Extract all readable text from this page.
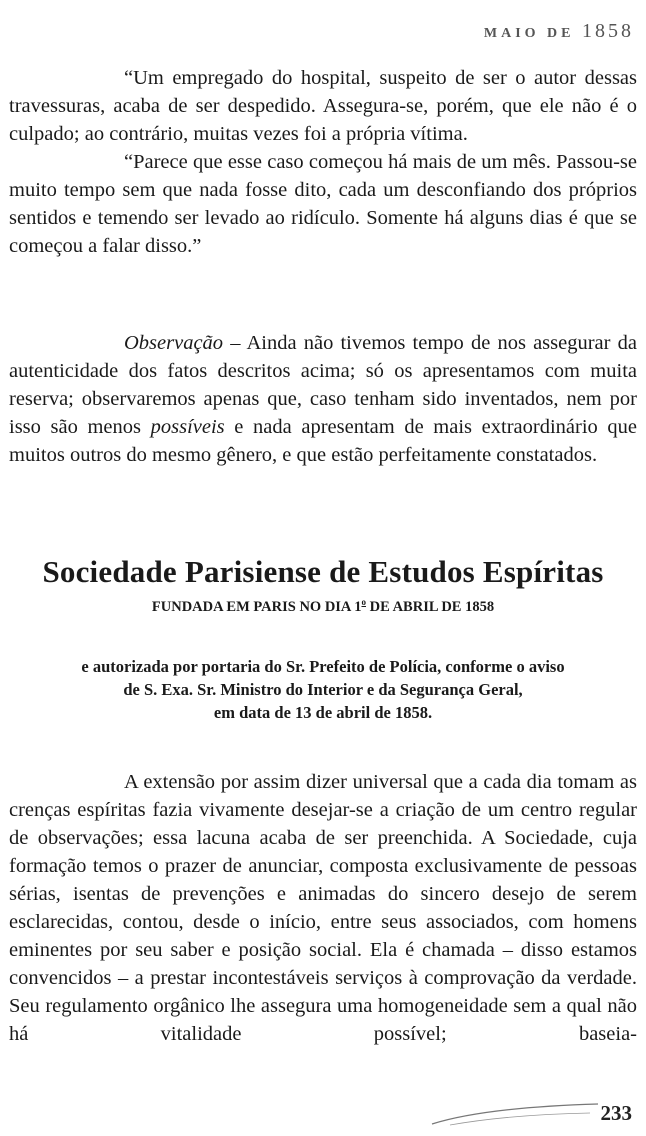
MAIO DE 1858

“Um empregado do hospital, suspeito de ser o autor dessas travessuras, acaba de ser despedido. Assegura-se, porém, que ele não é o culpado; ao contrário, muitas vezes foi a própria vítima.

“Parece que esse caso começou há mais de um mês. Passou-se muito tempo sem que nada fosse dito, cada um desconfiando dos próprios sentidos e temendo ser levado ao ridículo. Somente há alguns dias é que se começou a falar disso.”

Observação – Ainda não tivemos tempo de nos assegurar da autenticidade dos fatos descritos acima; só os apresentamos com muita reserva; observaremos apenas que, caso tenham sido inventados, nem por isso são menos possíveis e nada apresentam de mais extraordinário que muitos outros do mesmo gênero, e que estão perfeitamente constatados.

Sociedade Parisiense de Estudos Espíritas
FUNDADA EM PARIS NO DIA 1$^o$ DE ABRIL DE 1858
e autorizada por portaria do Sr. Prefeito de Polícia, conforme o aviso
de S. Exa. Sr. Ministro do Interior e da Segurança Geral,
em data de 13 de abril de 1858.

A extensão por assim dizer universal que a cada dia tomam as crenças espíritas fazia vivamente desejar-se a criação de um centro regular de observações; essa lacuna acaba de ser preenchida. A Sociedade, cuja formação temos o prazer de anunciar, composta exclusivamente de pessoas sérias, isentas de prevenções e animadas do sincero desejo de serem esclarecidas, contou, desde o início, entre seus associados, com homens eminentes por seu saber e posição social. Ela é chamada – disso estamos convencidos – a prestar incontestáveis serviços à comprovação da verdade. Seu regulamento orgânico lhe assegura uma homogeneidade sem a qual não há vitalidade possível; baseia-

233
